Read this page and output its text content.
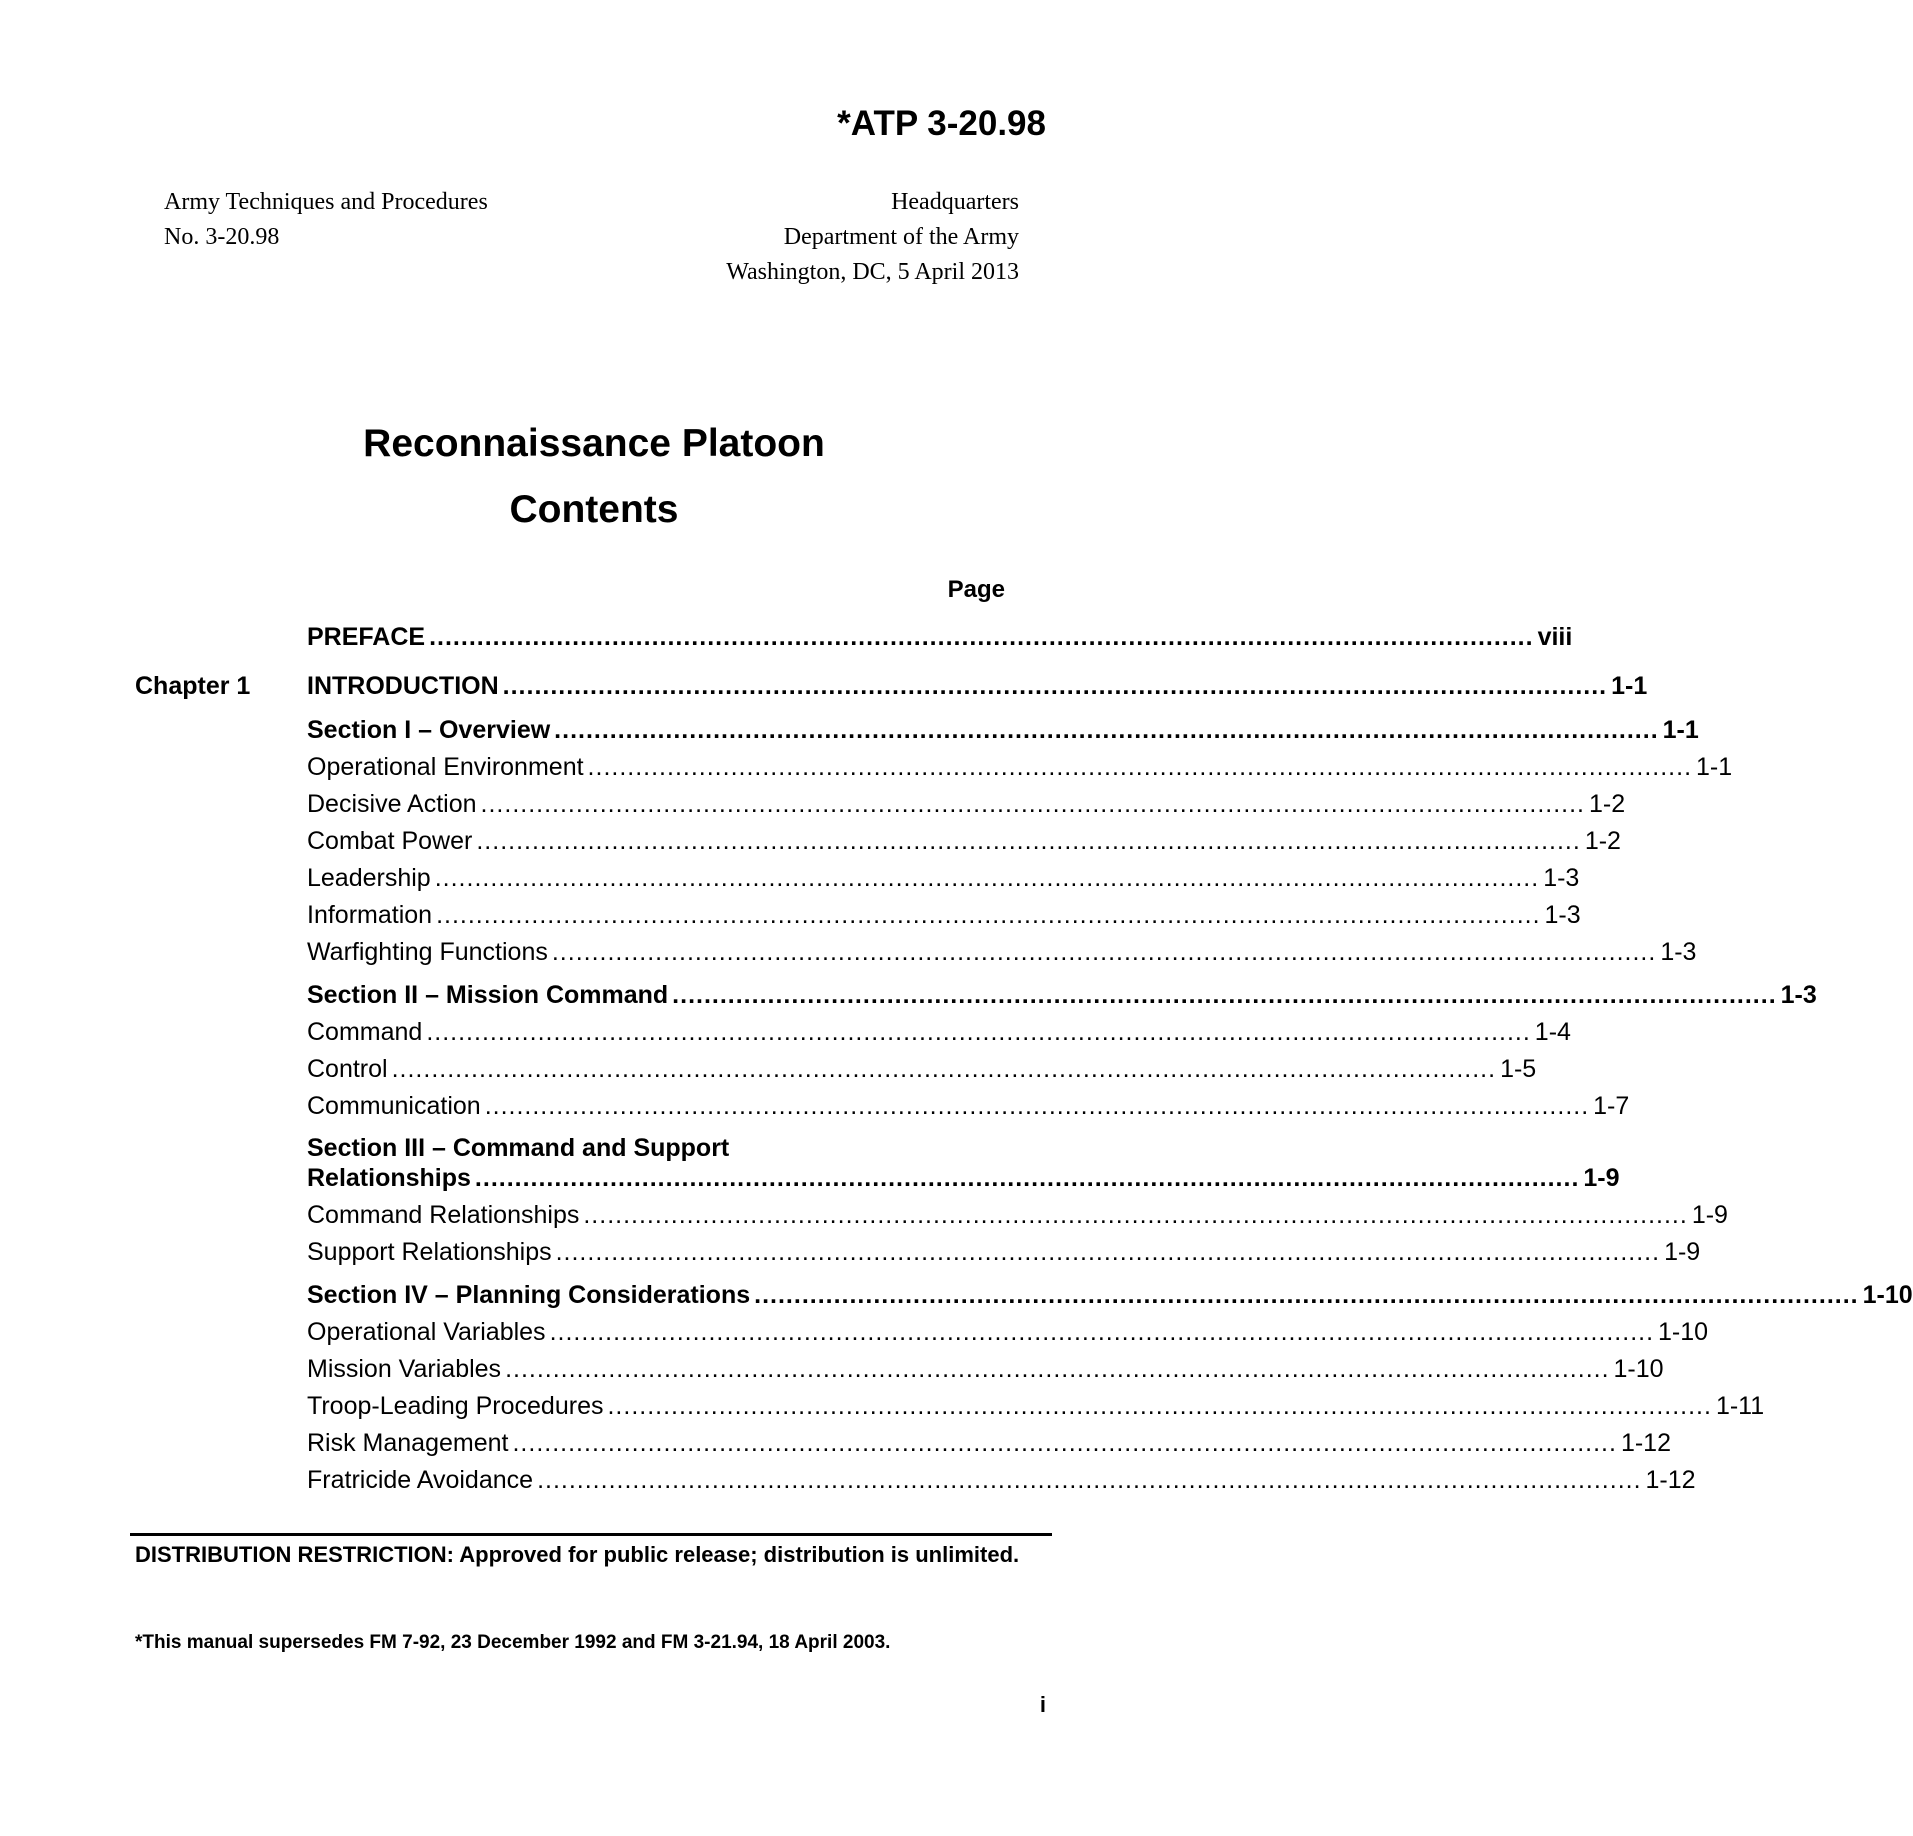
*ATP 3-20.98
Army Techniques and Procedures
No. 3-20.98
Headquarters
Department of the Army
Washington, DC, 5 April 2013
Reconnaissance Platoon
Contents
Page
PREFACE ........................................................................................................................................... viii
Chapter 1 INTRODUCTION ........................................................................................................................................... 1-1
Section I – Overview ........................................................................................................................................... 1-1
Operational Environment ........................................................................................................................................... 1-1
Decisive Action ........................................................................................................................................... 1-2
Combat Power ........................................................................................................................................... 1-2
Leadership ........................................................................................................................................... 1-3
Information ........................................................................................................................................... 1-3
Warfighting Functions ........................................................................................................................................... 1-3
Section II – Mission Command ........................................................................................................................................... 1-3
Command ........................................................................................................................................... 1-4
Control ........................................................................................................................................... 1-5
Communication ........................................................................................................................................... 1-7
Section III – Command and Support
Relationships ........................................................................................................................................... 1-9
Command Relationships ........................................................................................................................................... 1-9
Support Relationships ........................................................................................................................................... 1-9
Section IV – Planning Considerations ........................................................................................................................................... 1-10
Operational Variables ........................................................................................................................................... 1-10
Mission Variables ........................................................................................................................................... 1-10
Troop-Leading Procedures ........................................................................................................................................... 1-11
Risk Management ........................................................................................................................................... 1-12
Fratricide Avoidance ........................................................................................................................................... 1-12
DISTRIBUTION RESTRICTION: Approved for public release; distribution is unlimited.
*This manual supersedes FM 7-92, 23 December 1992 and FM 3-21.94, 18 April 2003.
i
